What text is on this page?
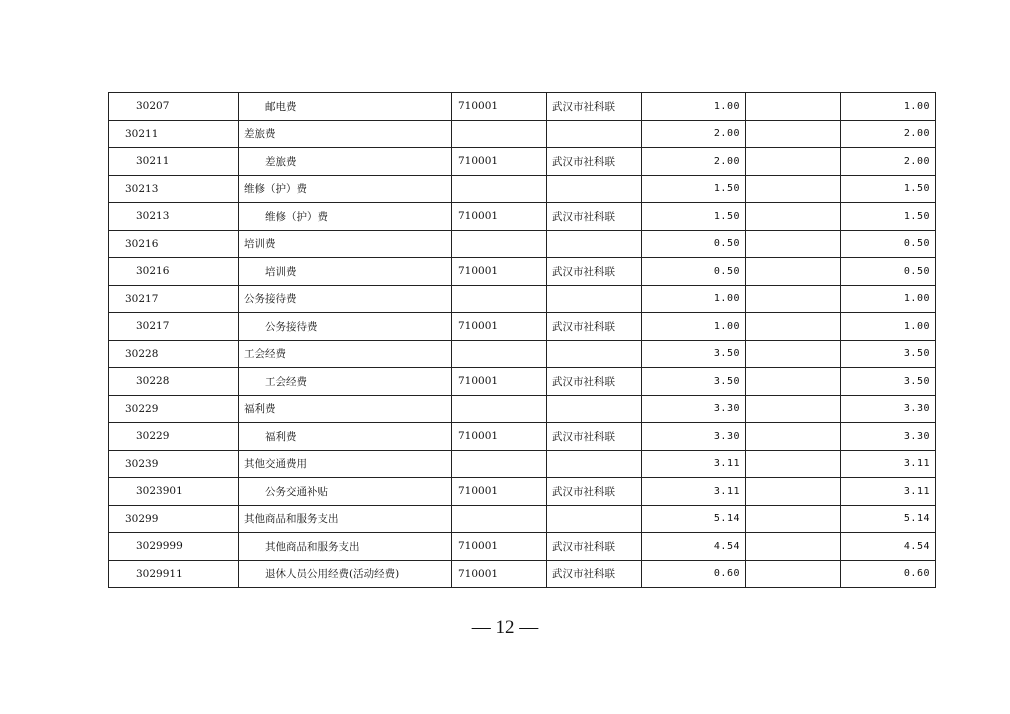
30207	邮电费	710001	武汉市社科联	1.00		1.00
30211	差旅费			2.00		2.00
30211	差旅费	710001	武汉市社科联	2.00		2.00
30213	维修（护）费			1.50		1.50
30213	维修（护）费	710001	武汉市社科联	1.50		1.50
30216	培训费			0.50		0.50
30216	培训费	710001	武汉市社科联	0.50		0.50
30217	公务接待费			1.00		1.00
30217	公务接待费	710001	武汉市社科联	1.00		1.00
30228	工会经费			3.50		3.50
30228	工会经费	710001	武汉市社科联	3.50		3.50
30229	福利费			3.30		3.30
30229	福利费	710001	武汉市社科联	3.30		3.30
30239	其他交通费用			3.11		3.11
3023901	公务交通补贴	710001	武汉市社科联	3.11		3.11
30299	其他商品和服务支出			5.14		5.14
3029999	其他商品和服务支出	710001	武汉市社科联	4.54		4.54
3029911	退休人员公用经费(活动经费)	710001	武汉市社科联	0.60		0.60
— 12 —
